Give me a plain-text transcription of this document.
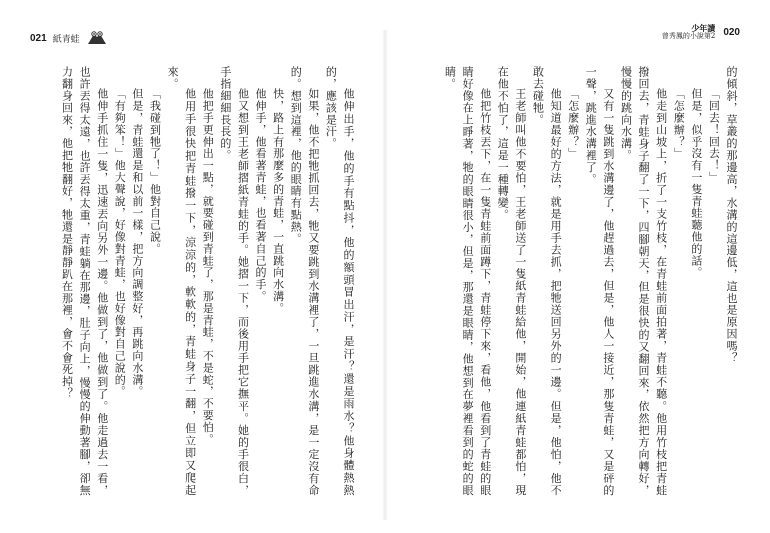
021 紙青蛙

他伸出手，他的手有點抖，他的額頭冒出汗，是汗？還是雨水？他身體熱熱的，應該是汗。

如果，他不把牠抓回去，牠又要跳到水溝裡了，一旦跳進水溝，是一定沒有命的。想到這裡，他的眼睛有點熱。

快，路上有那麼多的青蛙，一直跳向水溝。

他伸手，他看著青蛙，也看著自己的手。

他又想到王老師摺紙青蛙的手。她摺一下，而後用手把它撫平。她的手很白，手指細細長長的。

他把手更伸出一點，就要碰到青蛙了，那是青蛙，不是蛇，不要怕。

他用手很快把青蛙撥一下，涼涼的，軟軟的，青蛙身子一翻，但立即又爬起來。

「我碰到牠了！」他對自己說。

但是，青蛙還是和以前一樣，把方向調整好，再跳向水溝。

「有夠笨！」他大聲說，好像對青蛙，也好像對自己說的。

他伸手抓住一隻，迅速丟向另外一邊。他做到了，他做到了。他走過去一看，也許丟得太遠，也許丟得太重，青蛙躺在那邊，肚子向上，慢慢的伸動著腳，卻無力翻身回來，他把牠翻好，牠還是靜靜趴在那裡，會不會死掉？

少年讀
曾秀鳳的小說第2 020

的傾斜，草叢的那邊高，水溝的這邊低，這也是原因嗎？

「回去！回去！」

但是，似乎沒有一隻青蛙聽他的話。

「怎麼辦？」

他走到山坡上，折了一支竹枝，在青蛙前面拍著，青蛙不聽。他用竹枝把青蛙撥回去，青蛙身子翻了一下，四腳朝天，但是很快的又翻回來，依然把方向轉好，慢慢的跳向水溝。

又有一隻跳到水溝邊了，他趕過去，但是，他人一接近，那隻青蛙，又是砰的一聲，跳進水溝裡了。

「怎麼辦？」

他知道最好的方法，就是用手去抓，把牠送回另外的一邊。但是，他怕，他不敢去碰牠。

王老師叫他不要怕，王老師送了一隻紙青蛙給他，開始，他連紙青蛙都怕，現在他不怕了，這是一種轉變。

他把竹枝丟下，在一隻青蛙前面蹲下，青蛙停下來，看他，他看到了青蛙的眼睛好像在上睜著，牠的眼睛很小，但是，那還是眼睛，他想到在夢裡看到的蛇的眼睛。
